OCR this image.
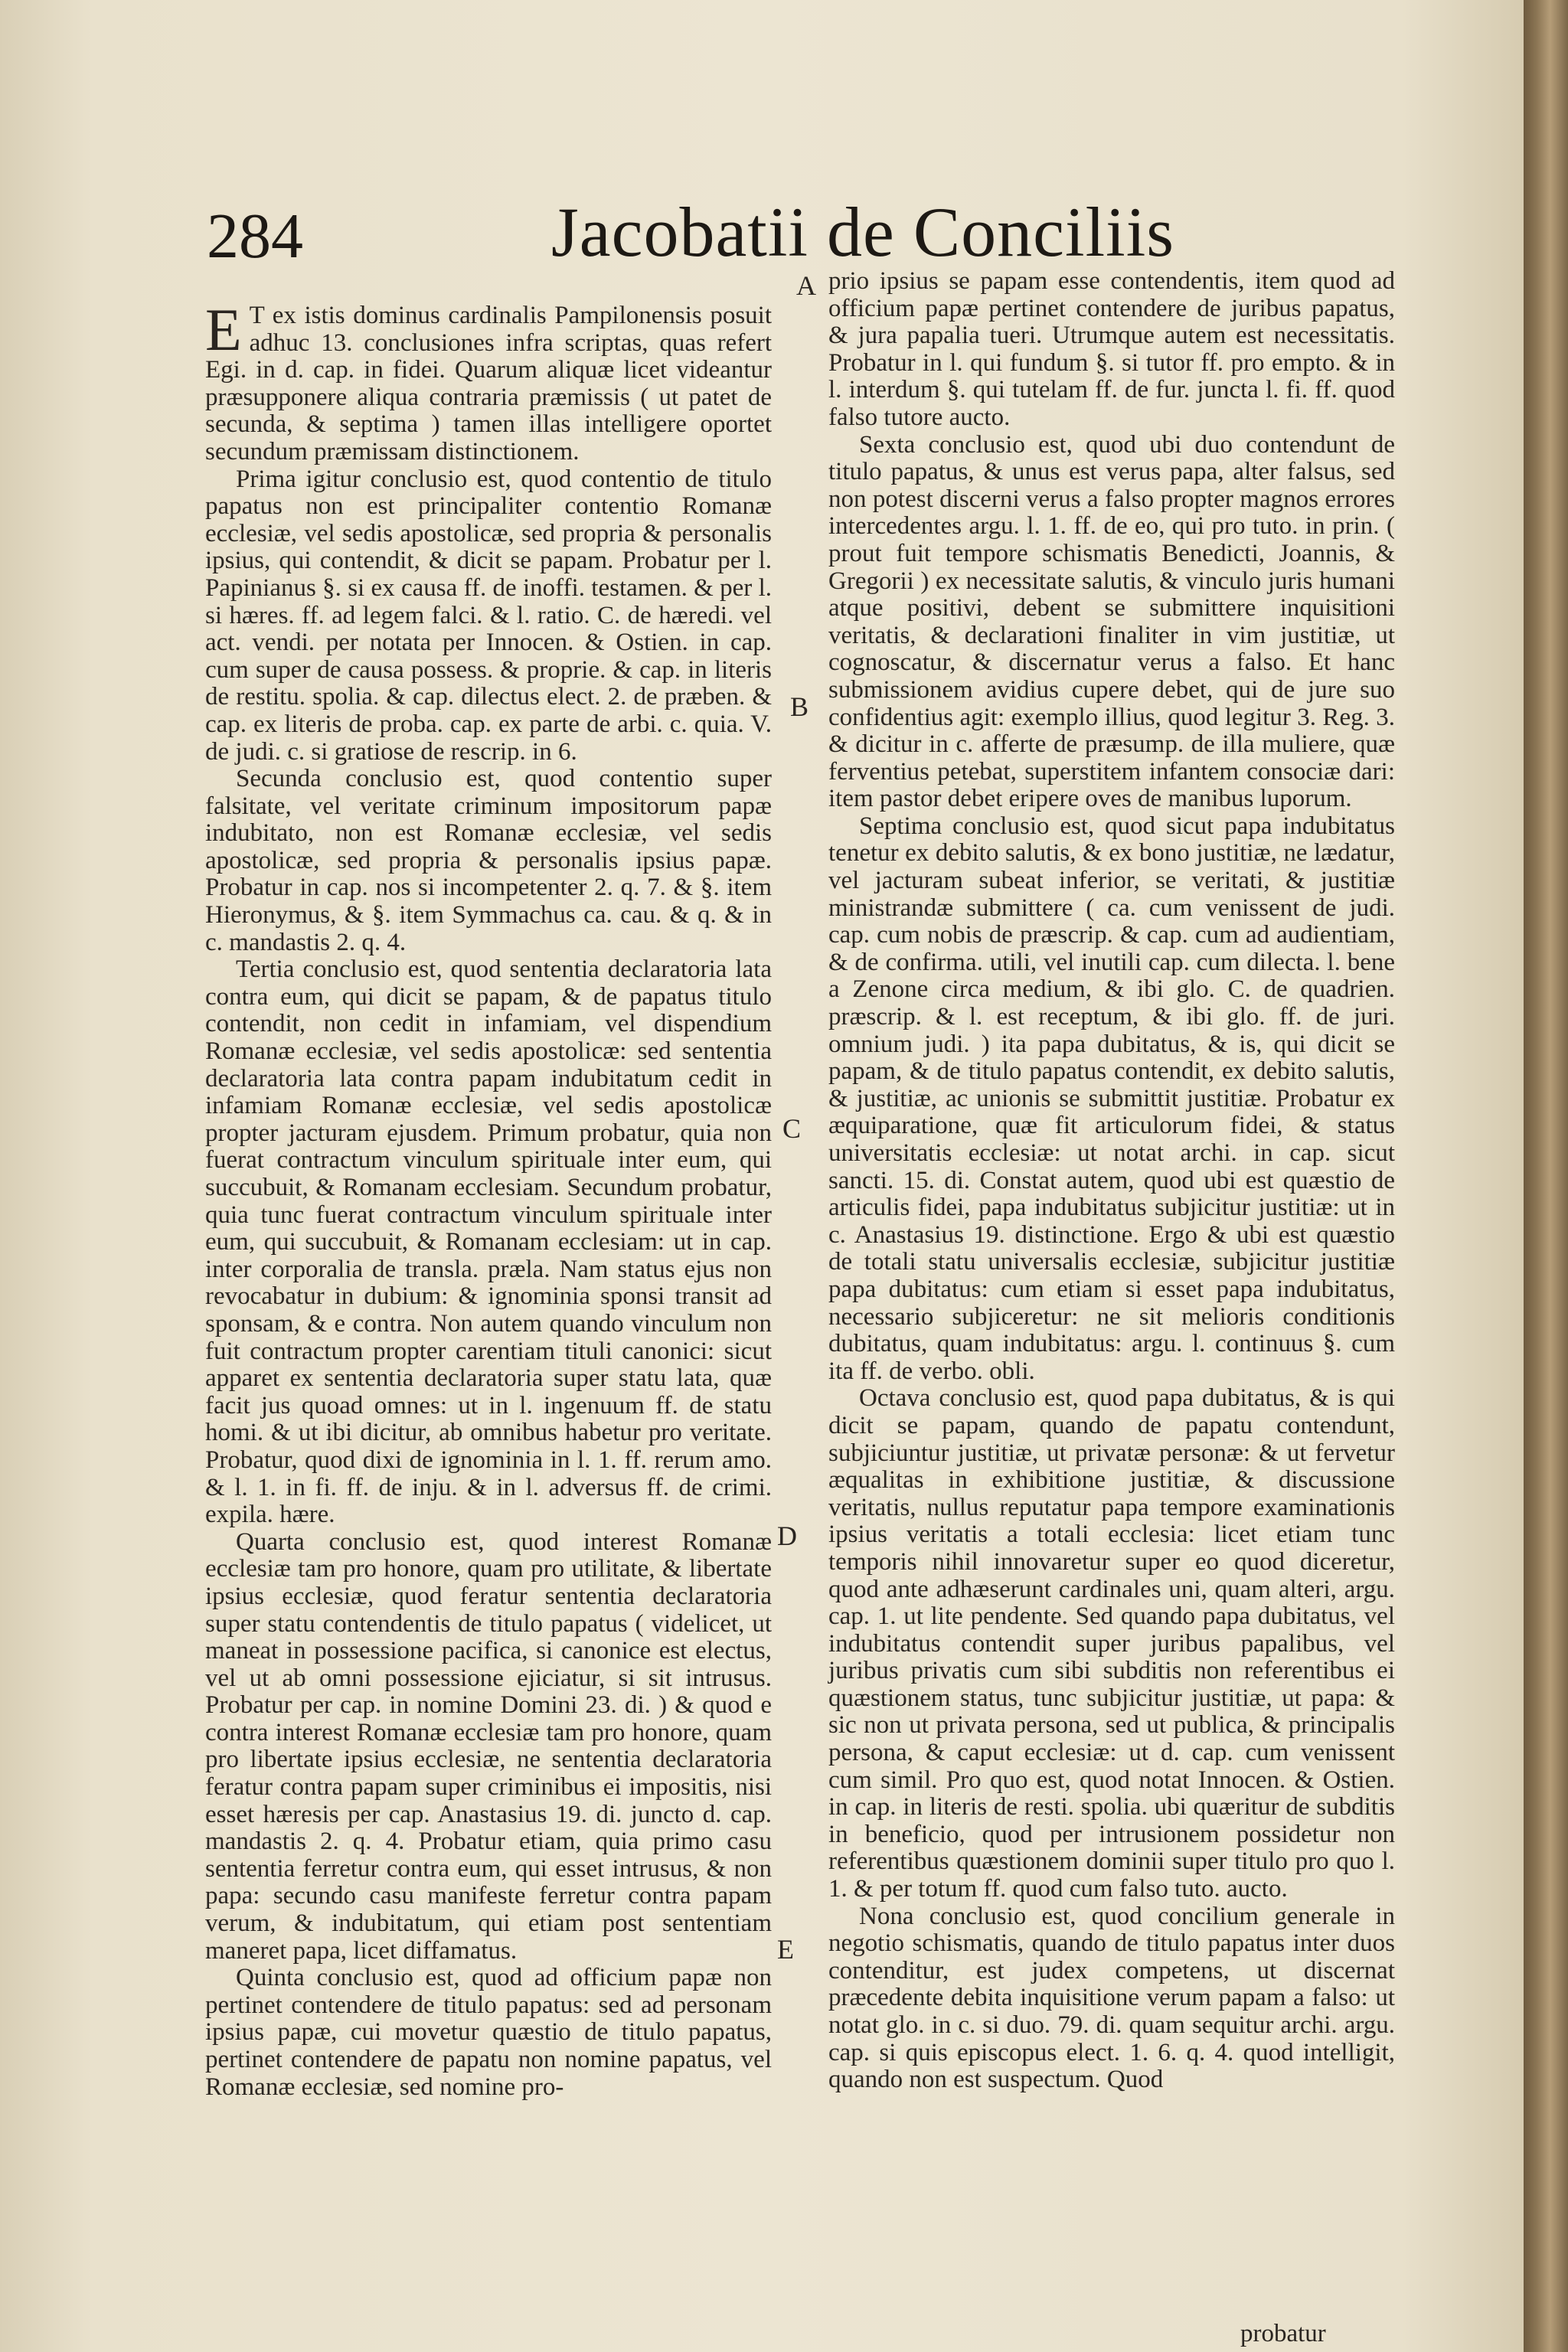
284	Jacobatii de Conciliis

E T ex istis dominus cardinalis Pampilonensis posuit adhuc 13. conclusiones infra scriptas, quas refert Egi. in d. cap. in fidei. Quarum aliquæ licet videantur præsupponere aliqua contraria præmissis ( ut patet de secunda, & septima ) tamen illas intelligere oportet secundum præmissam distinctionem.

Prima igitur conclusio est, quod contentio de titulo papatus non est principaliter contentio Romanæ ecclesiæ, vel sedis apostolicæ, sed propria & personalis ipsius, qui contendit, & dicit se papam. Probatur per l. Papinianus §. si ex causa ff. de inoffi. testamen. & per l. si hæres. ff. ad legem falci. & l. ratio. C. de hæredi. vel act. vendi. per notata per Innocen. & Ostien. in cap. cum super de causa possess. & proprie. & cap. in literis de restitu. spolia. & cap. dilectus elect. 2. de præben. & cap. ex literis de proba. cap. ex parte de arbi. c. quia. V. de judi. c. si gratiose de rescrip. in 6.

Secunda conclusio est, quod contentio super falsitate, vel veritate criminum impositorum papæ indubitato, non est Romanæ ecclesiæ, vel sedis apostolicæ, sed propria & personalis ipsius papæ. Probatur in cap. nos si incompetenter 2. q. 7. & §. item Hieronymus, & §. item Symmachus ca. cau. & q. & in c. mandastis 2. q. 4.

Tertia conclusio est, quod sententia declaratoria lata contra eum, qui dicit se papam, & de papatus titulo contendit, non cedit in infamiam, vel dispendium Romanæ ecclesiæ, vel sedis apostolicæ: sed sententia declaratoria lata contra papam indubitatum cedit in infamiam Romanæ ecclesiæ, vel sedis apostolicæ propter jacturam ejusdem. Primum probatur, quia non fuerat contractum vinculum spirituale inter eum, qui succubuit, & Romanam ecclesiam. Secundum probatur, quia tunc fuerat contractum vinculum spirituale inter eum, qui succubuit, & Romanam ecclesiam: ut in cap. inter corporalia de transla. præla. Nam status ejus non revocabatur in dubium: & ignominia sponsi transit ad sponsam, & e contra. Non autem quando vinculum non fuit contractum propter carentiam tituli canonici: sicut apparet ex sententia declaratoria super statu lata, quæ facit jus quoad omnes: ut in l. ingenuum ff. de statu homi. & ut ibi dicitur, ab omnibus habetur pro veritate. Probatur, quod dixi de ignominia in l. 1. ff. rerum amo. & l. 1. in fi. ff. de inju. & in l. adversus ff. de crimi. expila. hære.

Quarta conclusio est, quod interest Romanæ ecclesiæ tam pro honore, quam pro utilitate, & libertate ipsius ecclesiæ, quod feratur sententia declaratoria super statu contendentis de titulo papatus ( videlicet, ut maneat in possessione pacifica, si canonice est electus, vel ut ab omni possessione ejiciatur, si sit intrusus. Probatur per cap. in nomine Domini 23. di. ) & quod e contra interest Romanæ ecclesiæ tam pro honore, quam pro libertate ipsius ecclesiæ, ne sententia declaratoria feratur contra papam super criminibus ei impositis, nisi esset hæresis per cap. Anastasius 19. di. juncto d. cap. mandastis 2. q. 4. Probatur etiam, quia primo casu sententia ferretur contra eum, qui esset intrusus, & non papa: secundo casu manifeste ferretur contra papam verum, & indubitatum, qui etiam post sententiam maneret papa, licet diffamatus.

Quinta conclusio est, quod ad officium papæ non pertinet contendere de titulo papatus: sed ad personam ipsius papæ, cui movetur quæstio de titulo papatus, pertinet contendere de papatu non nomine papatus, vel Romanæ ecclesiæ, sed nomine pro-

prio ipsius se papam esse contendentis, item quod ad officium papæ pertinet contendere de juribus papatus, & jura papalia tueri. Utrumque autem est necessitatis. Probatur in l. qui fundum §. si tutor ff. pro empto. & in l. interdum §. qui tutelam ff. de fur. juncta l. fi. ff. quod falso tutore aucto.

Sexta conclusio est, quod ubi duo contendunt de titulo papatus, & unus est verus papa, alter falsus, sed non potest discerni verus a falso propter magnos errores intercedentes argu. l. 1. ff. de eo, qui pro tuto. in prin. ( prout fuit tempore schismatis Benedicti, Joannis, & Gregorii ) ex necessitate salutis, & vinculo juris humani atque positivi, debent se submittere inquisitioni veritatis, & declarationi finaliter in vim justitiæ, ut cognoscatur, & discernatur verus a falso. Et hanc submissionem avidius cupere debet, qui de jure suo confidentius agit: exemplo illius, quod legitur 3. Reg. 3. & dicitur in c. afferte de præsump. de illa muliere, quæ ferventius petebat, superstitem infantem consociæ dari: item pastor debet eripere oves de manibus luporum.

Septima conclusio est, quod sicut papa indubitatus tenetur ex debito salutis, & ex bono justitiæ, ne lædatur, vel jacturam subeat inferior, se veritati, & justitiæ ministrandæ submittere ( ca. cum venissent de judi. cap. cum nobis de præscrip. & cap. cum ad audientiam, & de confirma. utili, vel inutili cap. cum dilecta. l. bene a Zenone circa medium, & ibi glo. C. de quadrien. præscrip. & l. est receptum, & ibi glo. ff. de juri. omnium judi. ) ita papa dubitatus, & is, qui dicit se papam, & de titulo papatus contendit, ex debito salutis, & justitiæ, ac unionis se submittit justitiæ. Probatur ex æquiparatione, quæ fit articulorum fidei, & status universitatis ecclesiæ: ut notat archi. in cap. sicut sancti. 15. di. Constat autem, quod ubi est quæstio de articulis fidei, papa indubitatus subjicitur justitiæ: ut in c. Anastasius 19. distinctione. Ergo & ubi est quæstio de totali statu universalis ecclesiæ, subjicitur justitiæ papa dubitatus: cum etiam si esset papa indubitatus, necessario subjiceretur: ne sit melioris conditionis dubitatus, quam indubitatus: argu. l. continuus §. cum ita ff. de verbo. obli.

Octava conclusio est, quod papa dubitatus, & is qui dicit se papam, quando de papatu contendunt, subjiciuntur justitiæ, ut privatæ personæ: & ut fervetur æqualitas in exhibitione justitiæ, & discussione veritatis, nullus reputatur papa tempore examinationis ipsius veritatis a totali ecclesia: licet etiam tunc temporis nihil innovaretur super eo quod diceretur, quod ante adhæserunt cardinales uni, quam alteri, argu. cap. 1. ut lite pendente. Sed quando papa dubitatus, vel indubitatus contendit super juribus papalibus, vel juribus privatis cum sibi subditis non referentibus ei quæstionem status, tunc subjicitur justitiæ, ut papa: & sic non ut privata persona, sed ut publica, & principalis persona, & caput ecclesiæ: ut d. cap. cum venissent cum simil. Pro quo est, quod notat Innocen. & Ostien. in cap. in literis de resti. spolia. ubi quæritur de subditis in beneficio, quod per intrusionem possidetur non referentibus quæstionem dominii super titulo pro quo l. 1. & per totum ff. quod cum falso tuto. aucto.

Nona conclusio est, quod concilium generale in negotio schismatis, quando de titulo papatus inter duos contenditur, est judex competens, ut discernat præcedente debita inquisitione verum papam a falso: ut notat glo. in c. si duo. 79. di. quam sequitur archi. argu. cap. si quis episcopus elect. 1. 6. q. 4. quod intelligit, quando non est suspectum. Quod

A
B
C
D
E
probatur
